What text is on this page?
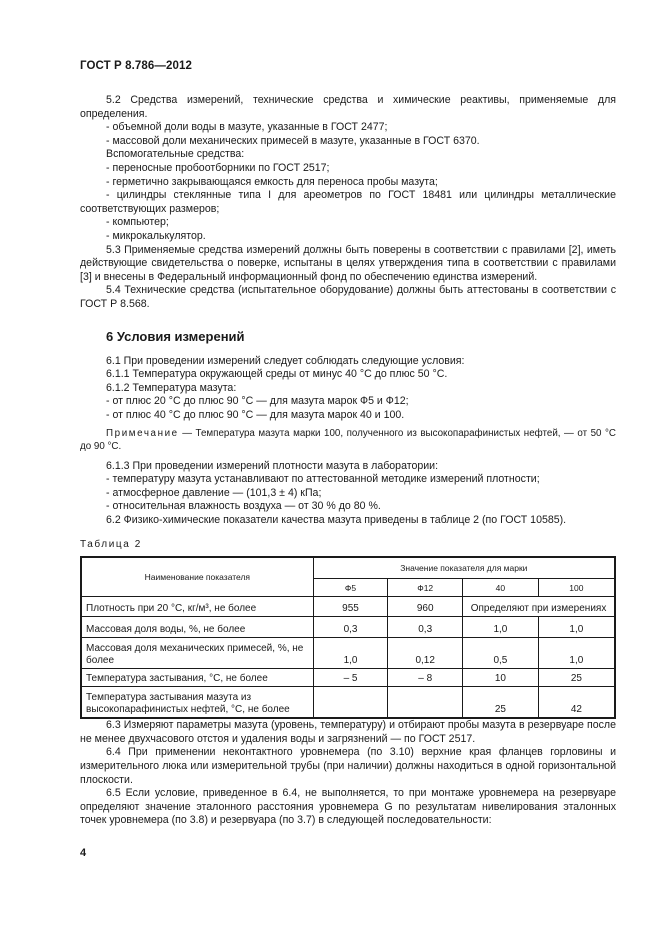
ГОСТ Р 8.786—2012

5.2 Средства измерений, технические средства и химические реактивы, применяемые для определения.

- объемной доли воды в мазуте, указанные в ГОСТ 2477;

- массовой доли механических примесей в мазуте, указанные в ГОСТ 6370.

Вспомогательные средства:

- переносные пробоотборники по ГОСТ 2517;

- герметично закрывающаяся емкость для переноса пробы мазута;

- цилиндры стеклянные типа I для ареометров по ГОСТ 18481 или цилиндры металлические соответствующих размеров;

- компьютер;

- микрокалькулятор.

5.3 Применяемые средства измерений должны быть поверены в соответствии с правилами [2], иметь действующие свидетельства о поверке, испытаны в целях утверждения типа в соответствии с правилами [3] и внесены в Федеральный информационный фонд по обеспечению единства измерений.

5.4 Технические средства (испытательное оборудование) должны быть аттестованы в соответствии с ГОСТ Р 8.568.

6 Условия измерений

6.1 При проведении измерений следует соблюдать следующие условия:

6.1.1 Температура окружающей среды от минус 40 °С до плюс 50 °С.

6.1.2 Температура мазута:

- от плюс 20 °С до плюс 90 °С — для мазута марок Ф5 и Ф12;

- от плюс 40 °С до плюс 90 °С — для мазута марок 40 и 100.

Примечание — Температура мазута марки 100, полученного из высокопарафинистых нефтей, — от 50 °С до 90 °С.

6.1.3 При проведении измерений плотности мазута в лаборатории:

- температуру мазута устанавливают по аттестованной методике измерений плотности;

- атмосферное давление — (101,3 ± 4) кПа;

- относительная влажность воздуха — от 30 % до 80 %.

6.2 Физико-химические показатели качества мазута приведены в таблице 2 (по ГОСТ 10585).

Таблица 2

Наименование показателя	Значение показателя для марки			
	Ф5	Ф12	40	100
Плотность при 20 °С, кг/м³, не более	955	960	Определяют при измерениях	
Массовая доля воды, %, не более	0,3	0,3	1,0	1,0
Массовая доля механических примесей, %, не более	1,0	0,12	0,5	1,0
Температура застывания, °С, не более	– 5	– 8	10	25
Температура застывания мазута из высокопарафинистых нефтей, °С, не более			25	42

6.3 Измеряют параметры мазута (уровень, температуру) и отбирают пробы мазута в резервуаре после не менее двухчасового отстоя и удаления воды и загрязнений — по ГОСТ 2517.

6.4 При применении неконтактного уровнемера (по 3.10) верхние края фланцев горловины и измерительного люка или измерительной трубы (при наличии) должны находиться в одной горизонтальной плоскости.

6.5 Если условие, приведенное в 6.4, не выполняется, то при монтаже уровнемера на резервуаре определяют значение эталонного расстояния уровнемера G по результатам нивелирования эталонных точек уровнемера (по 3.8) и резервуара (по 3.7) в следующей последовательности:

4
